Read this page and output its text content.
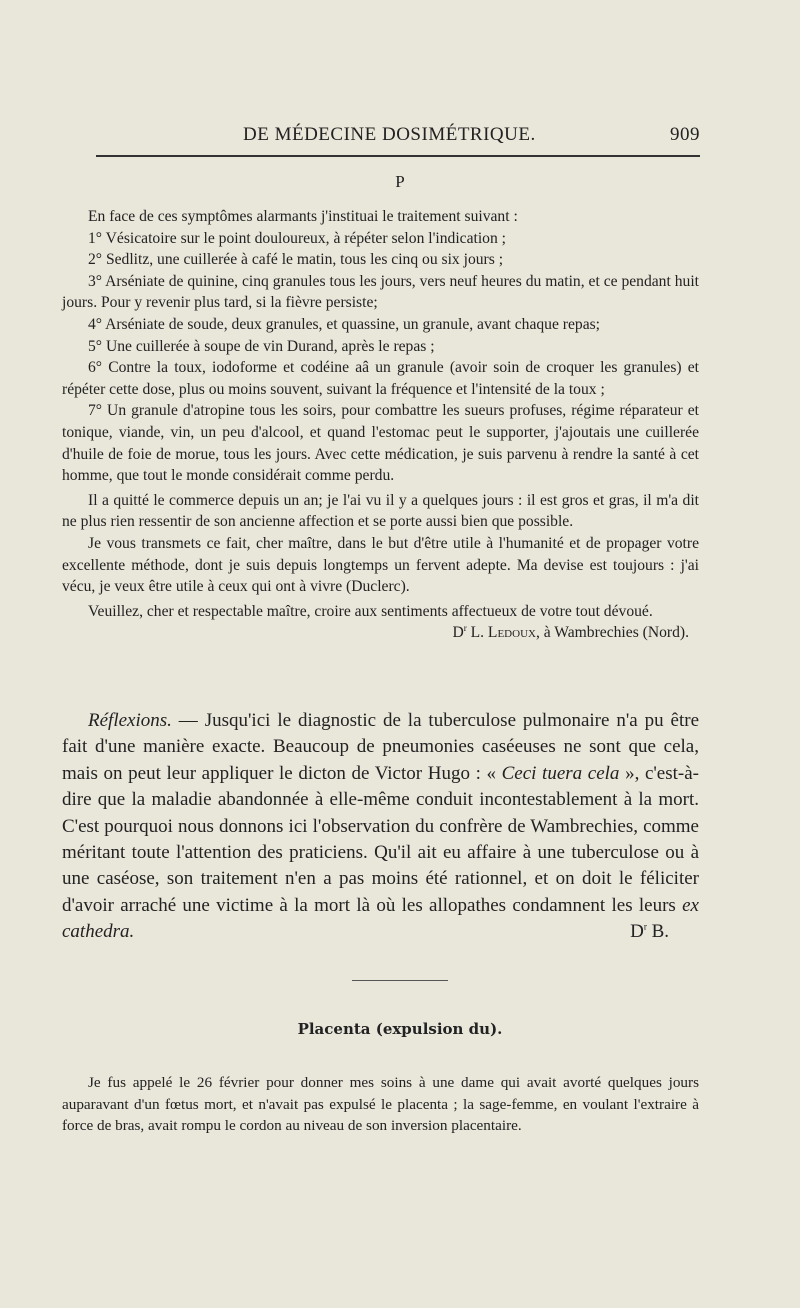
DE MÉDECINE DOSIMÉTRIQUE.	909
P

En face de ces symptômes alarmants j'instituai le traitement suivant :

1° Vésicatoire sur le point douloureux, à répéter selon l'indication ;

2° Sedlitz, une cuillerée à café le matin, tous les cinq ou six jours ;

3° Arséniate de quinine, cinq granules tous les jours, vers neuf heures du matin, et ce pendant huit jours. Pour y revenir plus tard, si la fièvre persiste;

4° Arséniate de soude, deux granules, et quassine, un granule, avant chaque repas;

5° Une cuillerée à soupe de vin Durand, après le repas ;

6° Contre la toux, iodoforme et codéine aâ un granule (avoir soin de croquer les granules) et répéter cette dose, plus ou moins souvent, suivant la fréquence et l'intensité de la toux ;

7° Un granule d'atropine tous les soirs, pour combattre les sueurs profuses, régime réparateur et tonique, viande, vin, un peu d'alcool, et quand l'estomac peut le supporter, j'ajoutais une cuillerée d'huile de foie de morue, tous les jours. Avec cette médication, je suis parvenu à rendre la santé à cet homme, que tout le monde considérait comme perdu.

Il a quitté le commerce depuis un an; je l'ai vu il y a quelques jours : il est gros et gras, il m'a dit ne plus rien ressentir de son ancienne affection et se porte aussi bien que possible.

Je vous transmets ce fait, cher maître, dans le but d'être utile à l'humanité et de propager votre excellente méthode, dont je suis depuis longtemps un fervent adepte. Ma devise est toujours : j'ai vécu, je veux être utile à ceux qui ont à vivre (Duclerc).

Veuillez, cher et respectable maître, croire aux sentiments affectueux de votre tout dévoué.

$D^r$ L. Ledoux, à Wambrechies (Nord).

Réflexions. — Jusqu'ici le diagnostic de la tuberculose pulmonaire n'a pu être fait d'une manière exacte. Beaucoup de pneumonies caséeuses ne sont que cela, mais on peut leur appliquer le dicton de Victor Hugo : « Ceci tuera cela », c'est-à-dire que la maladie abandonnée à elle-même conduit incontestablement à la mort. C'est pourquoi nous donnons ici l'observation du confrère de Wambrechies, comme méritant toute l'attention des praticiens. Qu'il ait eu affaire à une tuberculose ou à une caséose, son traitement n'en a pas moins été rationnel, et on doit le féliciter d'avoir arraché une victime à la mort là où les allopathes condamnent les leurs ex cathedra.	$D^r$ B.

Placenta (expulsion du).

Je fus appelé le 26 février pour donner mes soins à une dame qui avait avorté quelques jours auparavant d'un fœtus mort, et n'avait pas expulsé le placenta ; la sage-femme, en voulant l'extraire à force de bras, avait rompu le cordon au niveau de son inversion placentaire.
